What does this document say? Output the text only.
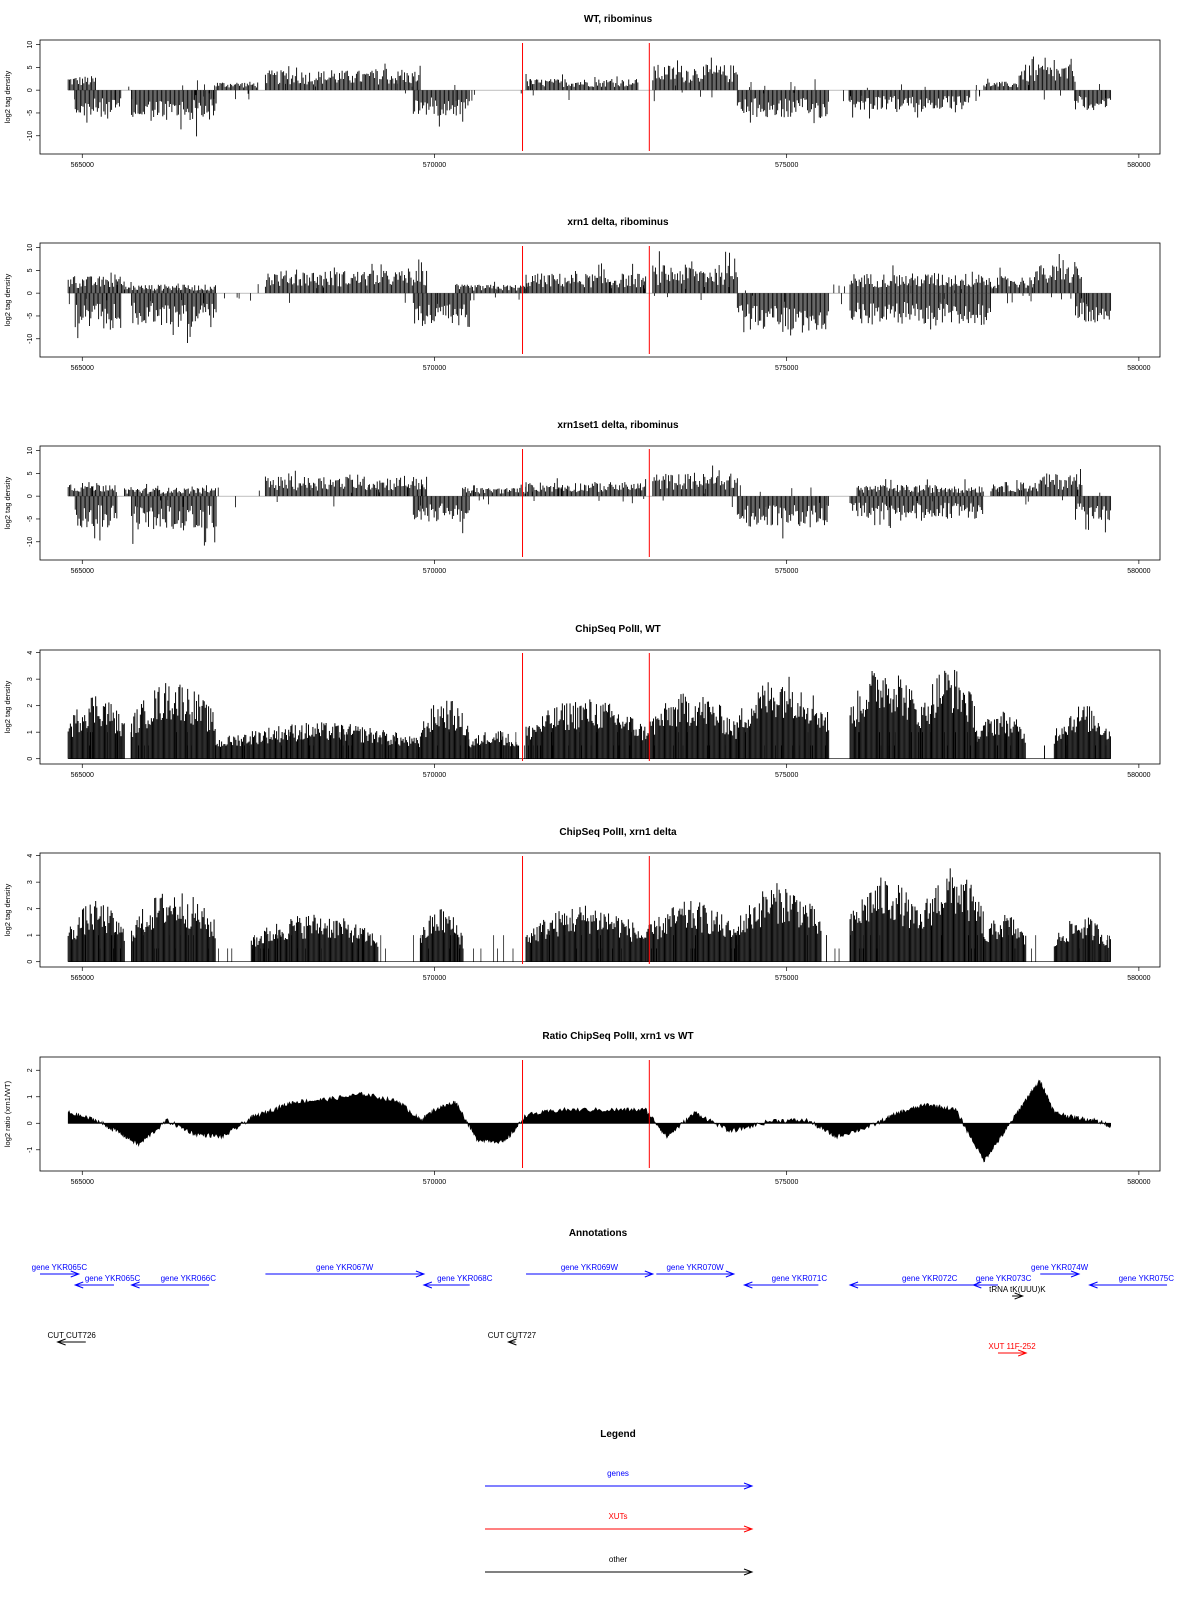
WT, ribominus
log2 tag density
-10
-5
0
5
10
565000	570000	575000	580000
xrn1 delta, ribominus
log2 tag density
-10
-5
0
5
10
565000	570000	575000	580000
xrn1set1 delta, ribominus
log2 tag density
-10
-5
0
5
10
565000	570000	575000	580000
ChipSeq PolII, WT
log2 tag density
0
1
2
3
4
565000	570000	575000	580000
ChipSeq PolII, xrn1 delta
log2 tag density
0
1
2
3
4
565000	570000	575000	580000
Ratio ChipSeq PolII, xrn1 vs WT
log2 ratio (xrn1/WT)
-1
0
1
2
565000	570000	575000	580000
Annotations
gene YKR065C
gene YKR065C	gene YKR066C
gene YKR067W
gene YKR068C
gene YKR069W	gene YKR070W
gene YKR071C	gene YKR072C gene YKR073C
gene YKR074W
gene YKR075C
tRNA tK(UUU)K
CUT CUT726	CUT CUT727
XUT 11F-252
Legend
genes
XUTs
other
